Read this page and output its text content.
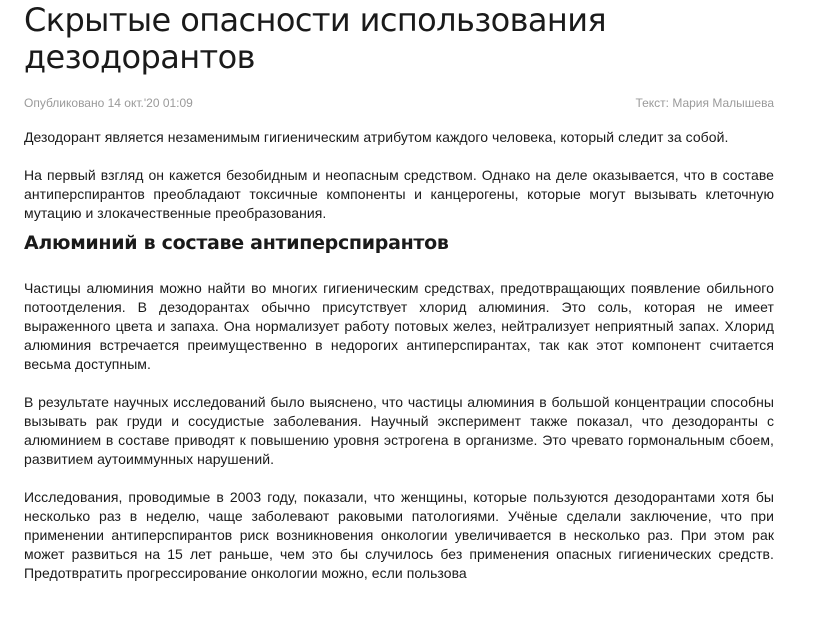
Скрытые опасности использования дезодорантов
Опубликовано 14 окт.'20 01:09	Текст: Мария Малышева

Дезодорант является незаменимым гигиеническим атрибутом каждого человека, который следит за собой.

На первый взгляд он кажется безобидным и неопасным средством. Однако на деле оказывается, что в составе антиперспирантов преобладают токсичные компоненты и канцерогены, которые могут вызывать клеточную мутацию и злокачественные преобразования.

Алюминий в составе антиперспирантов

Частицы алюминия можно найти во многих гигиеническим средствах, предотвращающих появление обильного потоотделения. В дезодорантах обычно присутствует хлорид алюминия. Это соль, которая не имеет выраженного цвета и запаха. Она нормализует работу потовых желез, нейтрализует неприятный запах. Хлорид алюминия встречается преимущественно в недорогих антиперспирантах, так как этот компонент считается весьма доступным.

В результате научных исследований было выяснено, что частицы алюминия в большой концентрации способны вызывать рак груди и сосудистые заболевания. Научный эксперимент также показал, что дезодоранты с алюминием в составе приводят к повышению уровня эстрогена в организме. Это чревато гормональным сбоем, развитием аутоиммунных нарушений.

Исследования, проводимые в 2003 году, показали, что женщины, которые пользуются дезодорантами хотя бы несколько раз в неделю, чаще заболевают раковыми патологиями. Учёные сделали заключение, что при применении антиперспирантов риск возникновения онкологии увеличивается в несколько раз. При этом рак может развиться на 15 лет раньше, чем это бы случилось без применения опасных гигиенических средств. Предотвратить прогрессирование онкологии можно, если пользова
